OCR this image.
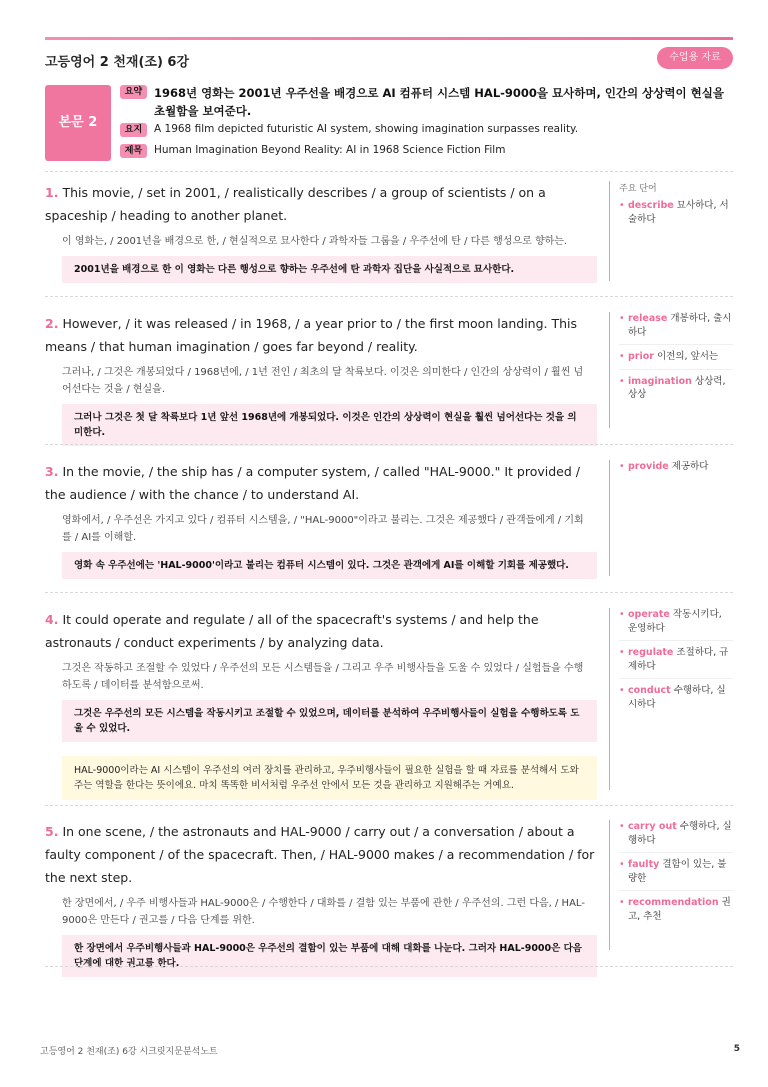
고등영어 2 천재(조) 6강	수업용 자료
본문 2
요약 1968년 영화는 2001년 우주선을 배경으로 AI 컴퓨터 시스템 HAL-9000을 묘사하며, 인간의 상상력이 현실을 초월함을 보여준다.
요지 A 1968 film depicted futuristic AI system, showing imagination surpasses reality.
제목 Human Imagination Beyond Reality: AI in 1968 Science Fiction Film
1. This movie, / set in 2001, / realistically describes / a group of scientists / on a spaceship / heading to another planet.
이 영화는, / 2001년을 배경으로 한, / 현실적으로 묘사한다 / 과학자들 그룹을 / 우주선에 탄 / 다른 행성으로 향하는.
2001년을 배경으로 한 이 영화는 다른 행성으로 향하는 우주선에 탄 과학자 집단을 사실적으로 묘사한다.
주요 단어
• describe 묘사하다, 서술하다
2. However, / it was released / in 1968, / a year prior to / the first moon landing. This means / that human imagination / goes far beyond / reality.
그러나, / 그것은 개봉되었다 / 1968년에, / 1년 전인 / 최초의 달 착륙보다. 이것은 의미한다 / 인간의 상상력이 / 훨씬 넘어선다는 것을 / 현실을.
그러나 그것은 첫 달 착륙보다 1년 앞선 1968년에 개봉되었다. 이것은 인간의 상상력이 현실을 훨씬 넘어선다는 것을 의미한다.
• release 개봉하다, 출시하다
• prior 이전의, 앞서는
• imagination 상상력, 상상
3. In the movie, / the ship has / a computer system, / called "HAL-9000." It provided / the audience / with the chance / to understand AI.
영화에서, / 우주선은 가지고 있다 / 컴퓨터 시스템을, / "HAL-9000"이라고 불리는. 그것은 제공했다 / 관객들에게 / 기회를 / AI를 이해할.
영화 속 우주선에는 'HAL-9000'이라고 불리는 컴퓨터 시스템이 있다. 그것은 관객에게 AI를 이해할 기회를 제공했다.
• provide 제공하다
4. It could operate and regulate / all of the spacecraft's systems / and help the astronauts / conduct experiments / by analyzing data.
그것은 작동하고 조절할 수 있었다 / 우주선의 모든 시스템들을 / 그리고 우주 비행사들을 도울 수 있었다 / 실험들을 수행하도록 / 데이터를 분석함으로써.
그것은 우주선의 모든 시스템을 작동시키고 조절할 수 있었으며, 데이터를 분석하여 우주비행사들이 실험을 수행하도록 도울 수 있었다.
HAL-9000이라는 AI 시스템이 우주선의 여러 장치를 관리하고, 우주비행사들이 필요한 실험을 할 때 자료를 분석해서 도와주는 역할을 한다는 뜻이에요. 마치 똑똑한 비서처럼 우주선 안에서 모든 것을 관리하고 지원해주는 거예요.
• operate 작동시키다, 운영하다
• regulate 조절하다, 규제하다
• conduct 수행하다, 실시하다
5. In one scene, / the astronauts and HAL-9000 / carry out / a conversation / about a faulty component / of the spacecraft. Then, / HAL-9000 makes / a recommendation / for the next step.
한 장면에서, / 우주 비행사들과 HAL-9000은 / 수행한다 / 대화를 / 결함 있는 부품에 관한 / 우주선의. 그런 다음, / HAL-9000은 만든다 / 권고를 / 다음 단계를 위한.
한 장면에서 우주비행사들과 HAL-9000은 우주선의 결함이 있는 부품에 대해 대화를 나눈다. 그러자 HAL-9000은 다음 단계에 대한 권고를 한다.
• carry out 수행하다, 실행하다
• faulty 결함이 있는, 불량한
• recommendation 권고, 추천
고등영어 2 천재(조) 6강 시크릿지문분석노트	5
